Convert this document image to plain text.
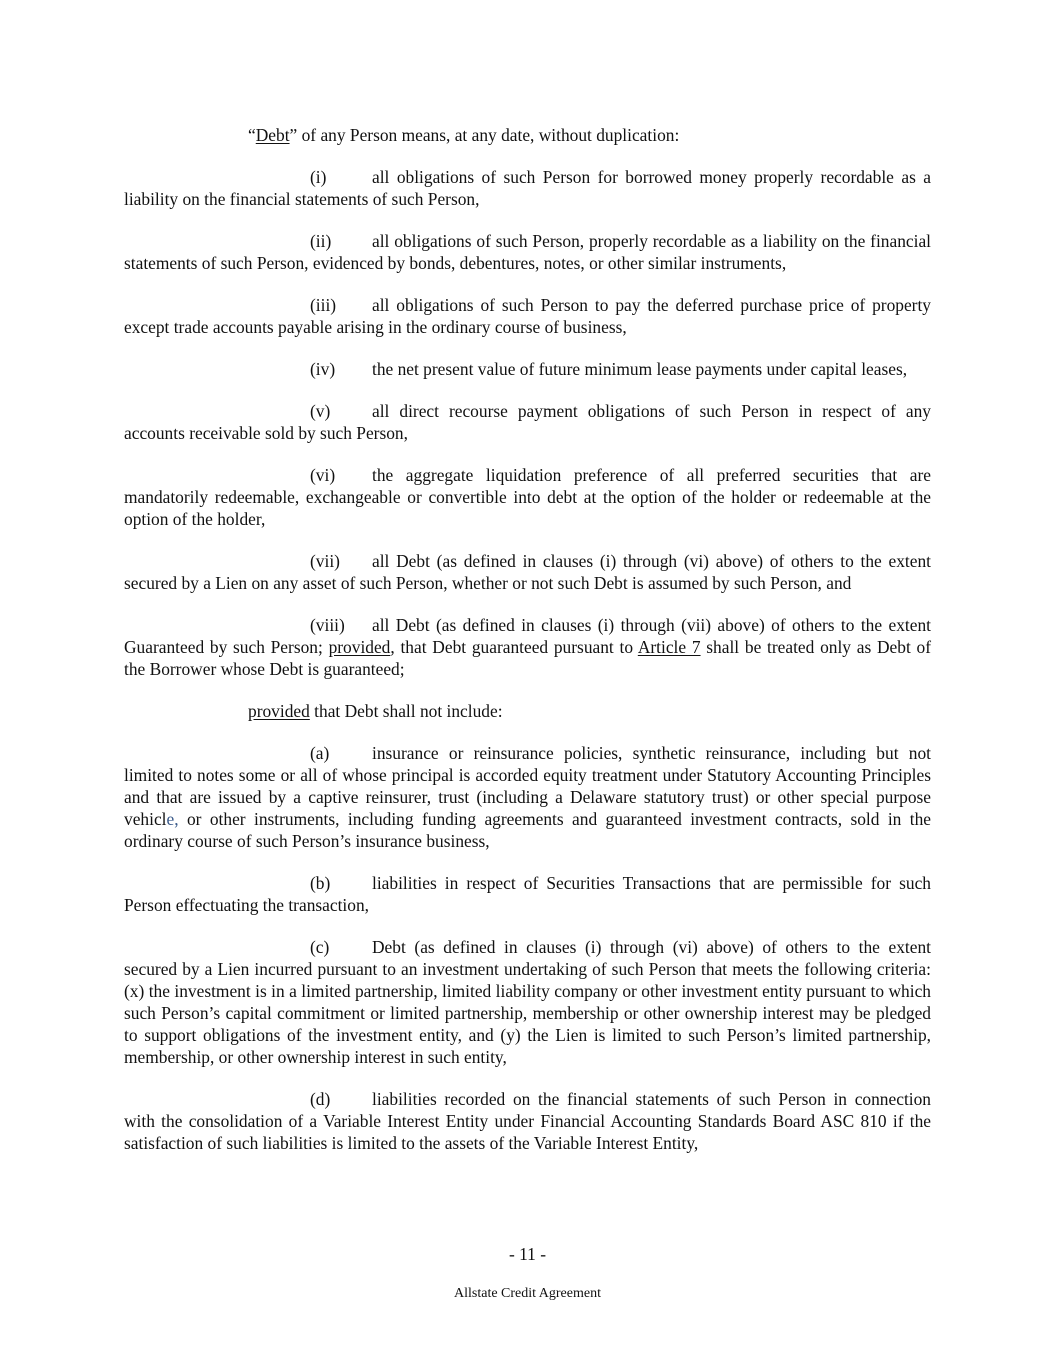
“Debt” of any Person means, at any date, without duplication:

(i)	all obligations of such Person for borrowed money properly recordable as a liability on the financial statements of such Person,

(ii) all obligations of such Person, properly recordable as a liability on the financial statements of such Person, evidenced by bonds, debentures, notes, or other similar instruments,

(iii) all obligations of such Person to pay the deferred purchase price of property except trade accounts payable arising in the ordinary course of business,

(iv) the net present value of future minimum lease payments under capital leases,

(v) all direct recourse payment obligations of such Person in respect of any accounts receivable sold by such Person,

(vi) the aggregate liquidation preference of all preferred securities that are mandatorily redeemable, exchangeable or convertible into debt at the option of the holder or redeemable at the option of the holder,

(vii) all Debt (as defined in clauses (i) through (vi) above) of others to the extent secured by a Lien on any asset of such Person, whether or not such Debt is assumed by such Person, and

(viii) all Debt (as defined in clauses (i) through (vii) above) of others to the extent Guaranteed by such Person; provided, that Debt guaranteed pursuant to Article 7 shall be treated only as Debt of the Borrower whose Debt is guaranteed;

provided that Debt shall not include:

(a) insurance or reinsurance policies, synthetic reinsurance, including but not limited to notes some or all of whose principal is accorded equity treatment under Statutory Accounting Principles and that are issued by a captive reinsurer, trust (including a Delaware statutory trust) or other special purpose vehicle, or other instruments, including funding agreements and guaranteed investment contracts, sold in the ordinary course of such Person’s insurance business,

(b) liabilities in respect of Securities Transactions that are permissible for such Person effectuating the transaction,

(c) Debt (as defined in clauses (i) through (vi) above) of others to the extent secured by a Lien incurred pursuant to an investment undertaking of such Person that meets the following criteria: (x) the investment is in a limited partnership, limited liability company or other investment entity pursuant to which such Person’s capital commitment or limited partnership, membership or other ownership interest may be pledged to support obligations of the investment entity, and (y) the Lien is limited to such Person’s limited partnership, membership, or other ownership interest in such entity,

(d) liabilities recorded on the financial statements of such Person in connection with the consolidation of a Variable Interest Entity under Financial Accounting Standards Board ASC 810 if the satisfaction of such liabilities is limited to the assets of the Variable Interest Entity,

- 11 -
Allstate Credit Agreement
